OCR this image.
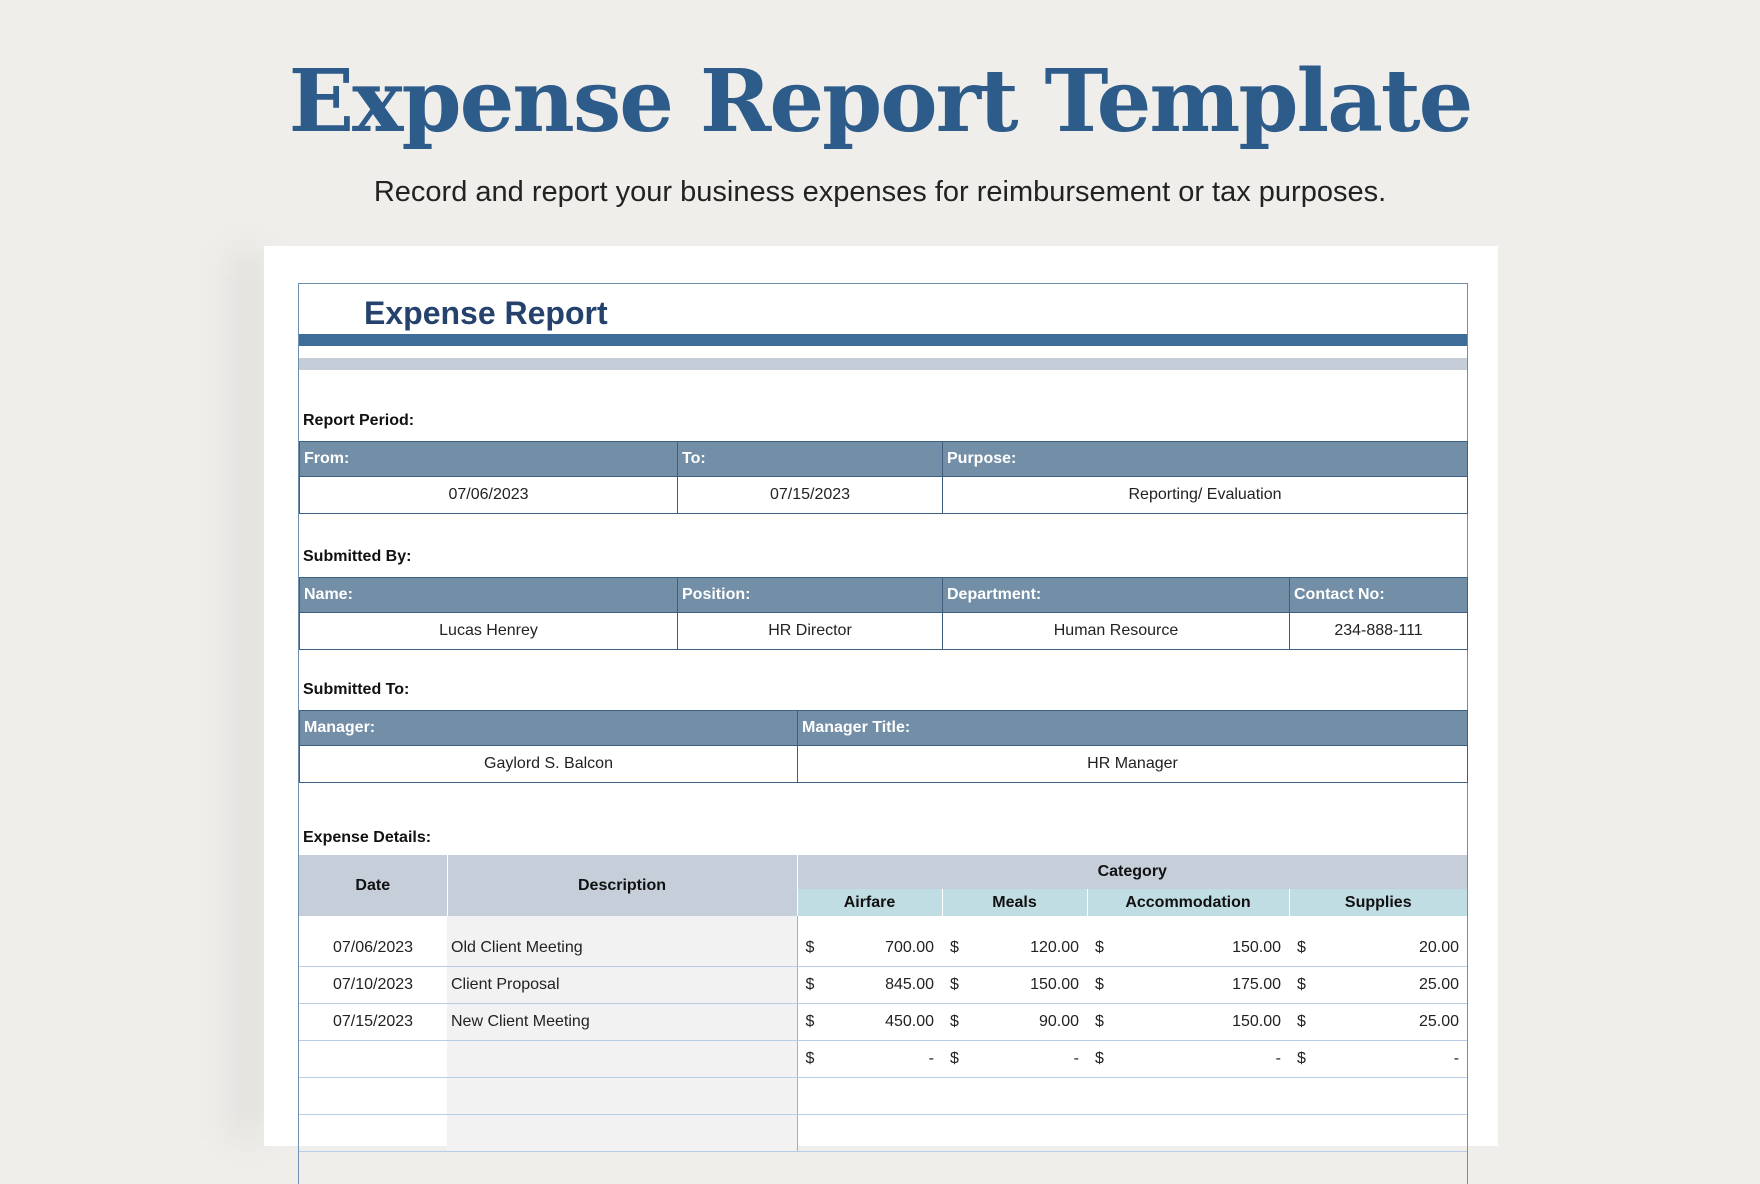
Expense Report Template
Record and report your business expenses for reimbursement or tax purposes.
Expense Report
Report Period:
From:	To:	Purpose:
07/06/2023	07/15/2023	Reporting/ Evaluation
Submitted By:
Name:	Position:	Department:	Contact No:
Lucas Henrey	HR Director	Human Resource	234-888-111
Submitted To:
Manager:	Manager Title:
Gaylord S. Balcon	HR Manager
Expense Details:
Date	Description	Category			
		Airfare	Meals	Accommodation	Supplies

07/06/2023	Old Client Meeting	$ 700.00	$ 120.00	$ 150.00	$ 20.00

07/10/2023	Client Proposal	$ 845.00	$ 150.00	$ 175.00	$ 25.00

07/15/2023	New Client Meeting	$ 450.00	$ 90.00	$ 150.00	$ 25.00

		$ -	$ -	$ -	$ -
